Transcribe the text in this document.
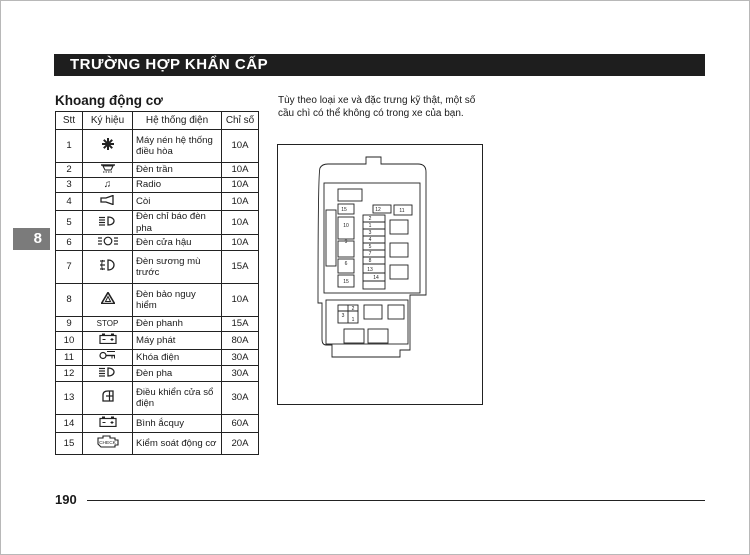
TRƯỜNG HỢP KHẨN CẤP
8
Khoang động cơ
Stt	Ký hiệu	Hệ thống điện	Chỉ số
1		Máy nén hệ thống điều hòa	10A
2		Đèn trần	10A
3	♫	Radio	10A
4		Còi	10A
5		Đèn chỉ báo đèn pha	10A
6		Đèn cửa hậu	10A
7		Đèn sương mù trước	15A
8		Đèn bảo nguy hiểm	10A
9	STOP	Đèn phanh	15A
10		Máy phát	80A
11		Khóa điện	30A
12		Đèn pha	30A
13		Điều khiển cửa sổ điện	30A
14		Bình ắcquy	60A
15	CHECK	Kiểm soát động cơ	20A
Tùy theo loại xe và đặc trưng kỹ thật, một số cầu chì có thể không có trong xe của bạn.
15	12	11
10
9
6
15
2
1
3
4
5
7
8
13
14
2
3
1
190
